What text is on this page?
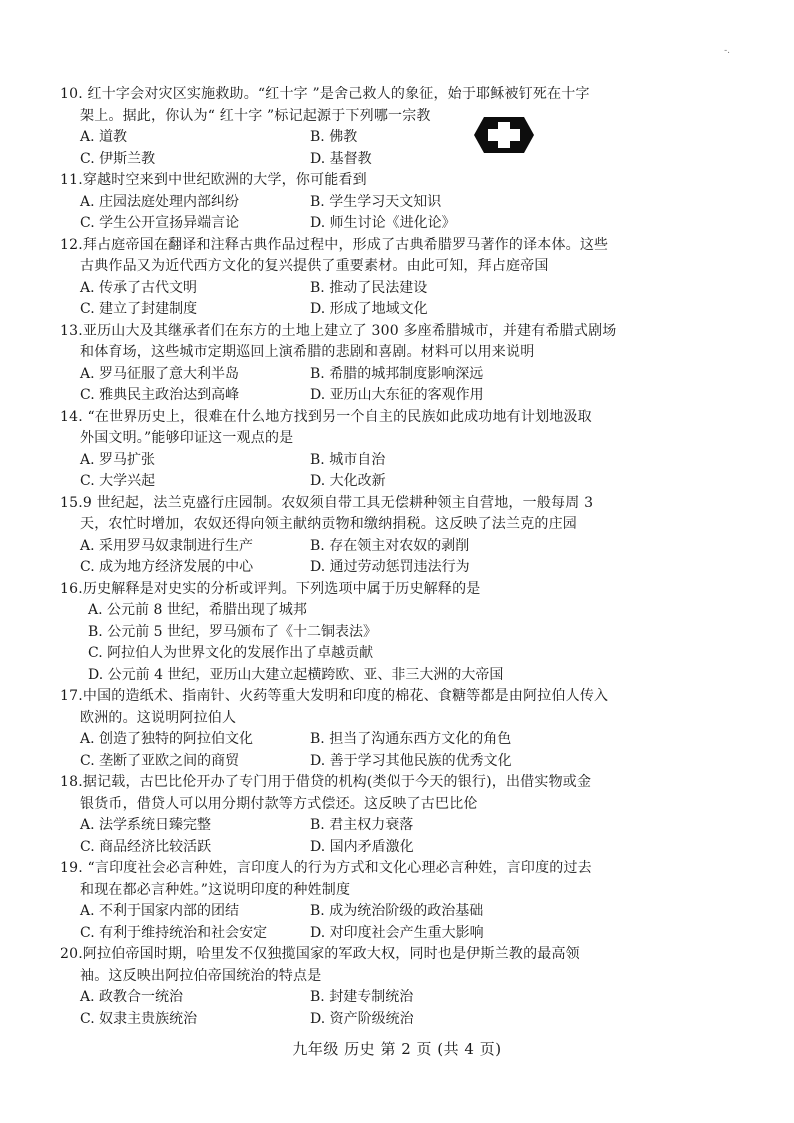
-.
10. 红十字会对灾区实施救助。“红十字 ”是舍己救人的象征，始于耶稣被钉死在十字
架上。据此，你认为“ 红十字 ”标记起源于下列哪一宗教
A. 道教	B. 佛教
C. 伊斯兰教	D. 基督教
11.穿越时空来到中世纪欧洲的大学，你可能看到
A. 庄园法庭处理内部纠纷	B. 学生学习天文知识
C. 学生公开宣扬异端言论	D. 师生讨论《进化论》
12.拜占庭帝国在翻译和注释古典作品过程中，形成了古典希腊罗马著作的译本体。这些
古典作品又为近代西方文化的复兴提供了重要素材。由此可知，拜占庭帝国
A. 传承了古代文明	B. 推动了民法建设
C. 建立了封建制度	D. 形成了地域文化
13.亚历山大及其继承者们在东方的土地上建立了 300 多座希腊城市，并建有希腊式剧场
和体育场，这些城市定期巡回上演希腊的悲剧和喜剧。材料可以用来说明
A. 罗马征服了意大利半岛	B. 希腊的城邦制度影响深远
C. 雅典民主政治达到高峰	D. 亚历山大东征的客观作用
14. “在世界历史上，很难在什么地方找到另一个自主的民族如此成功地有计划地汲取
外国文明。”能够印证这一观点的是
A. 罗马扩张	B. 城市自治
C. 大学兴起	D. 大化改新
15.9 世纪起，法兰克盛行庄园制。农奴须自带工具无偿耕种领主自营地，一般每周 3
天，农忙时增加，农奴还得向领主献纳贡物和缴纳捐税。这反映了法兰克的庄园
A. 采用罗马奴隶制进行生产	B. 存在领主对农奴的剥削
C. 成为地方经济发展的中心	D. 通过劳动惩罚违法行为
16.历史解释是对史实的分析或评判。下列选项中属于历史解释的是
A. 公元前 8 世纪，希腊出现了城邦
B. 公元前 5 世纪，罗马颁布了《十二铜表法》
C. 阿拉伯人为世界文化的发展作出了卓越贡献
D. 公元前 4 世纪，亚历山大建立起横跨欧、亚、非三大洲的大帝国
17.中国的造纸术、指南针、火药等重大发明和印度的棉花、食糖等都是由阿拉伯人传入
欧洲的。这说明阿拉伯人
A. 创造了独特的阿拉伯文化	B. 担当了沟通东西方文化的角色
C. 垄断了亚欧之间的商贸	D. 善于学习其他民族的优秀文化
18.据记载，古巴比伦开办了专门用于借贷的机构(类似于今天的银行)，出借实物或金
银货币，借贷人可以用分期付款等方式偿还。这反映了古巴比伦
A. 法学系统日臻完整	B. 君主权力衰落
C. 商品经济比较活跃	D. 国内矛盾激化
19. “言印度社会必言种姓，言印度人的行为方式和文化心理必言种姓，言印度的过去
和现在都必言种姓。”这说明印度的种姓制度
A. 不利于国家内部的团结	B. 成为统治阶级的政治基础
C. 有利于维持统治和社会安定	D. 对印度社会产生重大影响
20.阿拉伯帝国时期，哈里发不仅独揽国家的军政大权，同时也是伊斯兰教的最高领
袖。这反映出阿拉伯帝国统治的特点是
A. 政教合一统治	B. 封建专制统治
C. 奴隶主贵族统治	D. 资产阶级统治
九年级 历史 第 2 页 (共 4 页)
